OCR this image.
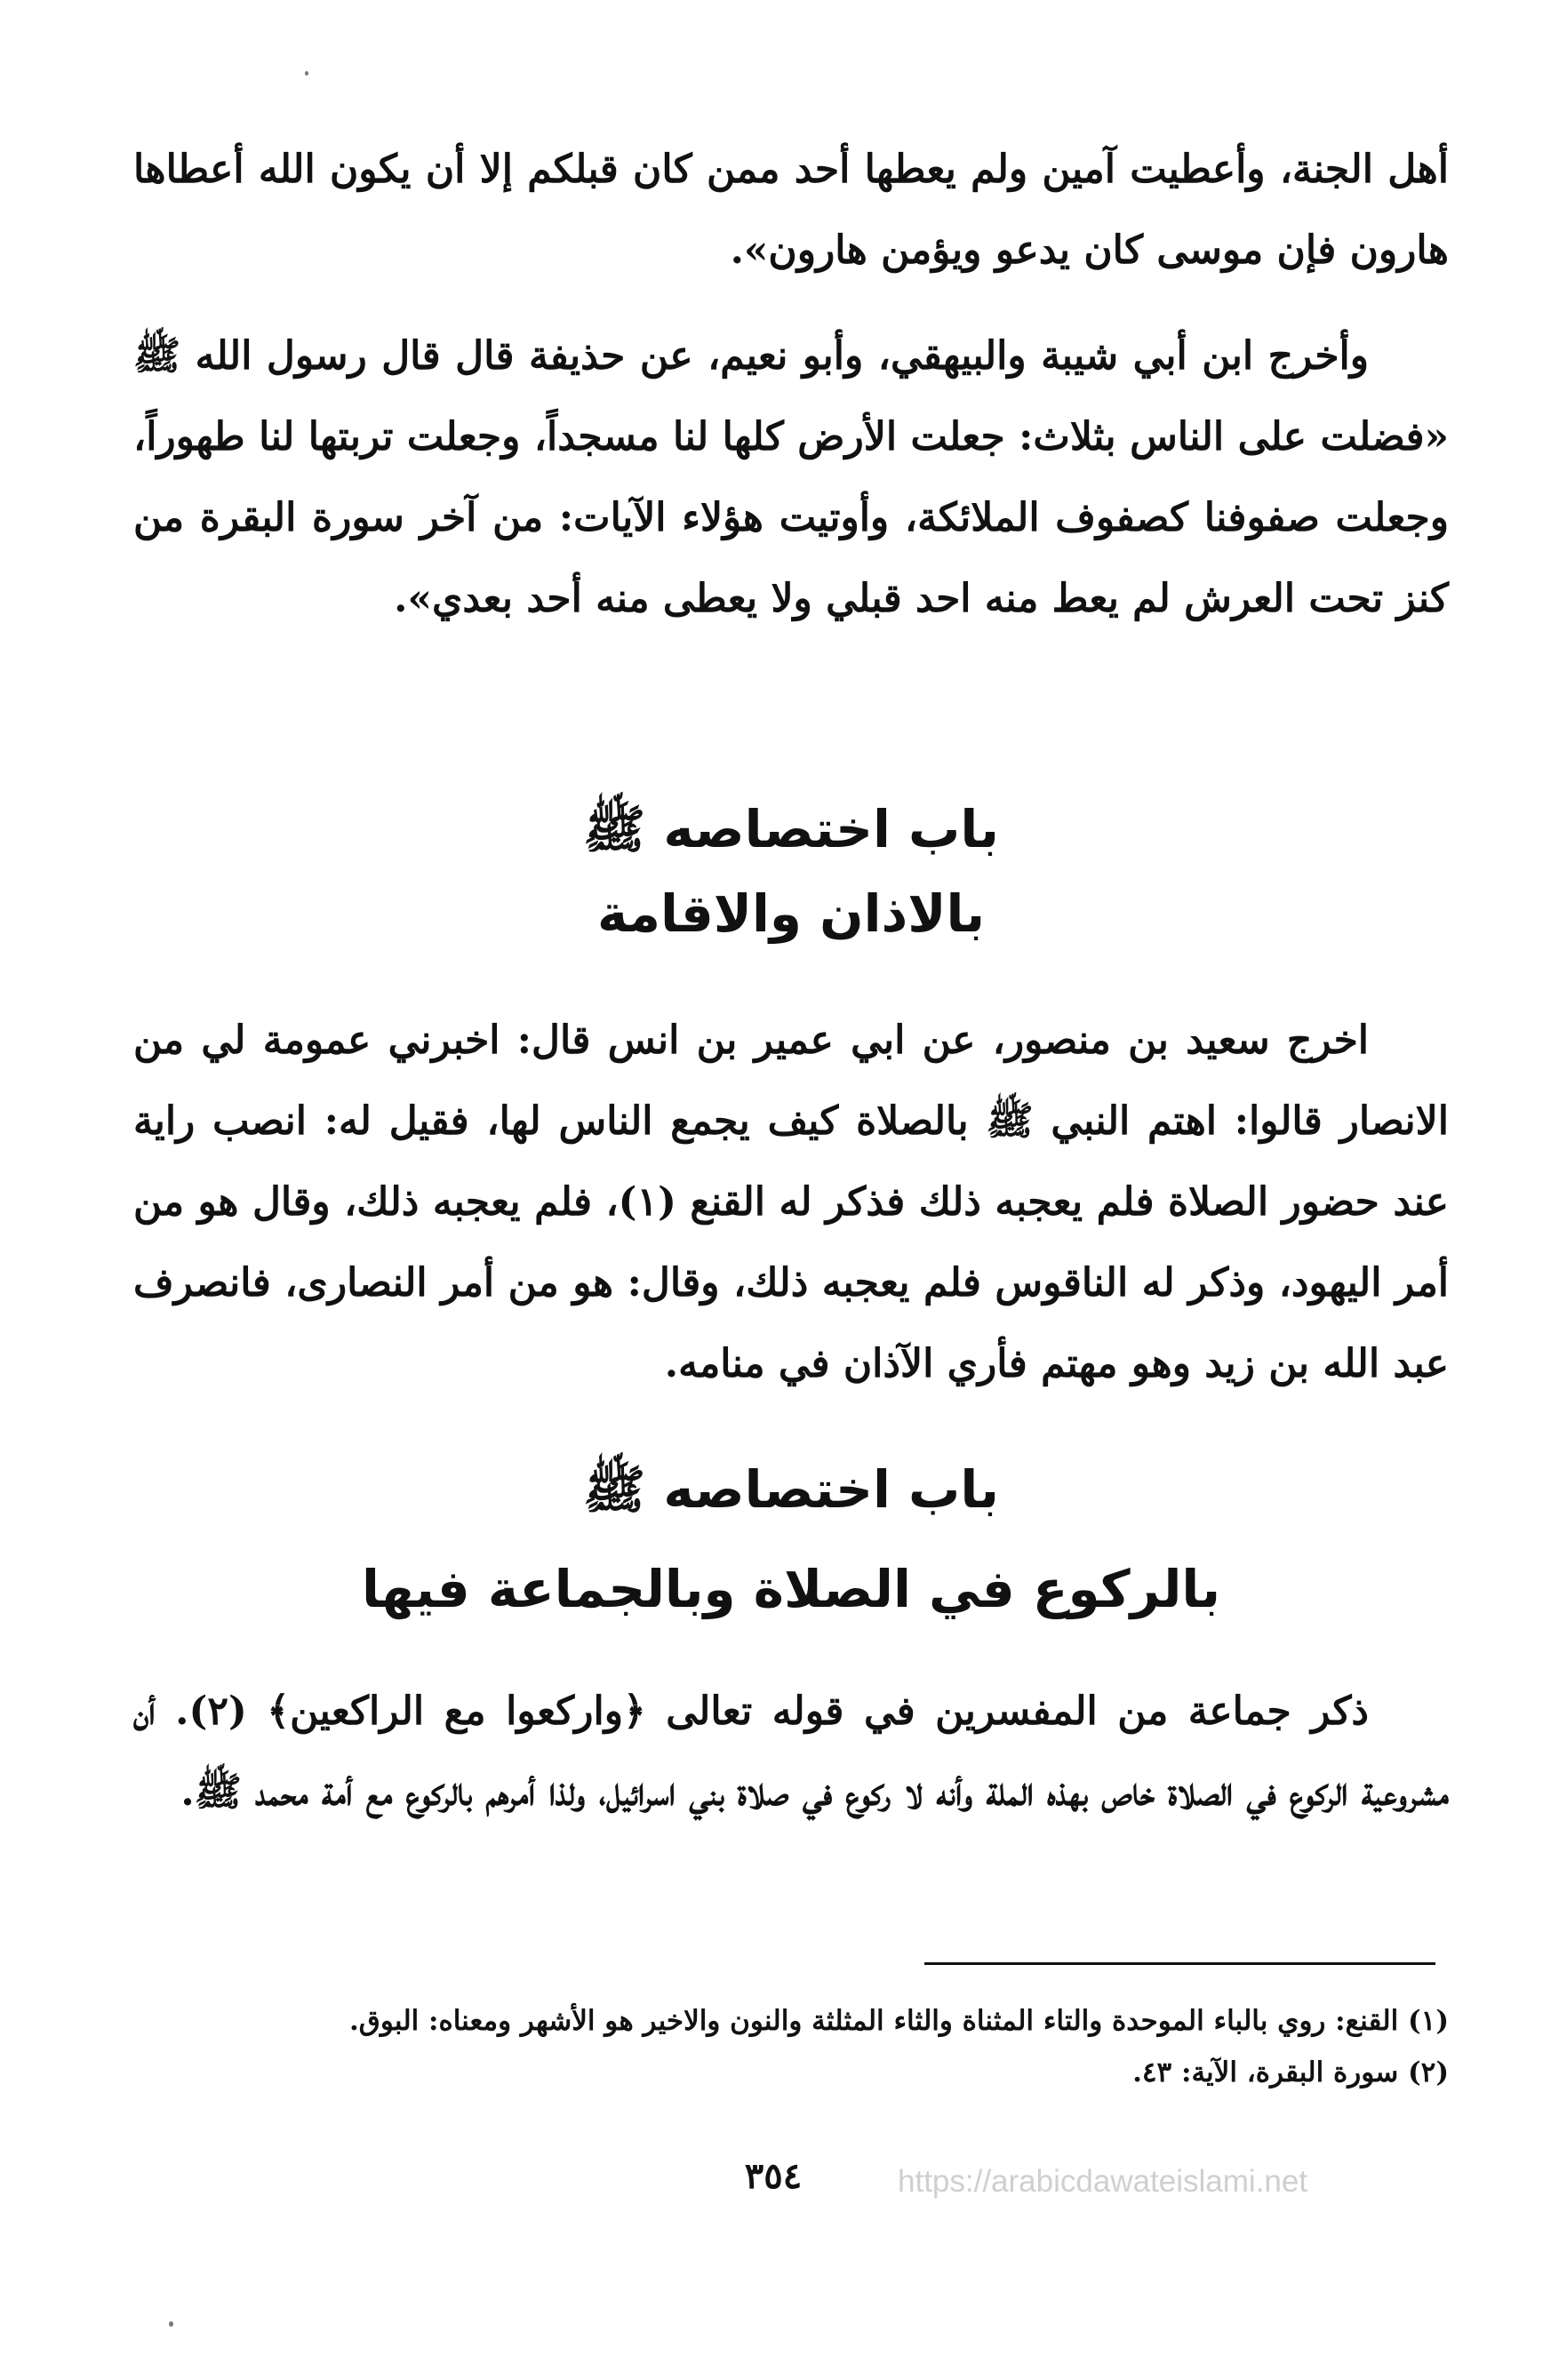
أهل الجنة، وأعطيت آمين ولم يعطها أحد ممن كان قبلكم إلا أن يكون الله أعطاها هارون فإن موسى كان يدعو ويؤمن هارون».

وأخرج ابن أبي شيبة والبيهقي، وأبو نعيم، عن حذيفة قال قال رسول الله ﷺ «فضلت على الناس بثلاث: جعلت الأرض كلها لنا مسجداً، وجعلت تربتها لنا طهوراً، وجعلت صفوفنا كصفوف الملائكة، وأوتيت هؤلاء الآيات: من آخر سورة البقرة من كنز تحت العرش لم يعط منه احد قبلي ولا يعطى منه أحد بعدي».

باب اختصاصه ﷺ

بالاذان والاقامة

اخرج سعيد بن منصور، عن ابي عمير بن انس قال: اخبرني عمومة لي من الانصار قالوا: اهتم النبي ﷺ بالصلاة كيف يجمع الناس لها، فقيل له: انصب راية عند حضور الصلاة فلم يعجبه ذلك فذكر له القنع (١)، فلم يعجبه ذلك، وقال هو من أمر اليهود، وذكر له الناقوس فلم يعجبه ذلك، وقال: هو من أمر النصارى، فانصرف عبد الله بن زيد وهو مهتم فأري الآذان في منامه.

باب اختصاصه ﷺ

بالركوع في الصلاة وبالجماعة فيها

ذكر جماعة من المفسرين في قوله تعالى ﴿واركعوا مع الراكعين﴾ (٢). أن مشروعية الركوع في الصلاة خاص بهذه الملة وأنه لا ركوع في صلاة بني اسرائيل، ولذا أمرهم بالركوع مع أمة محمد ﷺ.

(١) القنع: روي بالباء الموحدة والتاء المثناة والثاء المثلثة والنون والاخير هو الأشهر ومعناه: البوق.

(٢) سورة البقرة، الآية: ٤٣.

٣٥٤	https://arabicdawateislami.net
